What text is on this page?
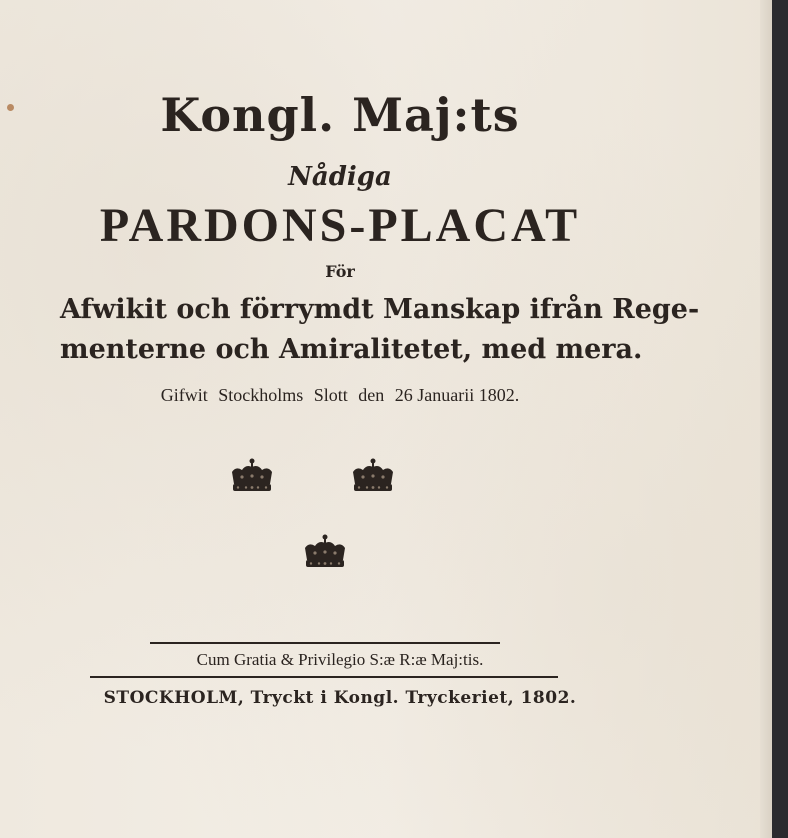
Kongl. Maj:ts
Nådiga
PARDONS-PLACAT
För
Afwikit och förrymdt Manskap ifrån Rege-
menterne och Amiralitetet, med mera.
Gifwit Stockholms Slott den 26 Januarii 1802.
Cum Gratia & Privilegio S:æ R:æ Maj:tis.
STOCKHOLM, Tryckt i Kongl. Tryckeriet, 1802.
